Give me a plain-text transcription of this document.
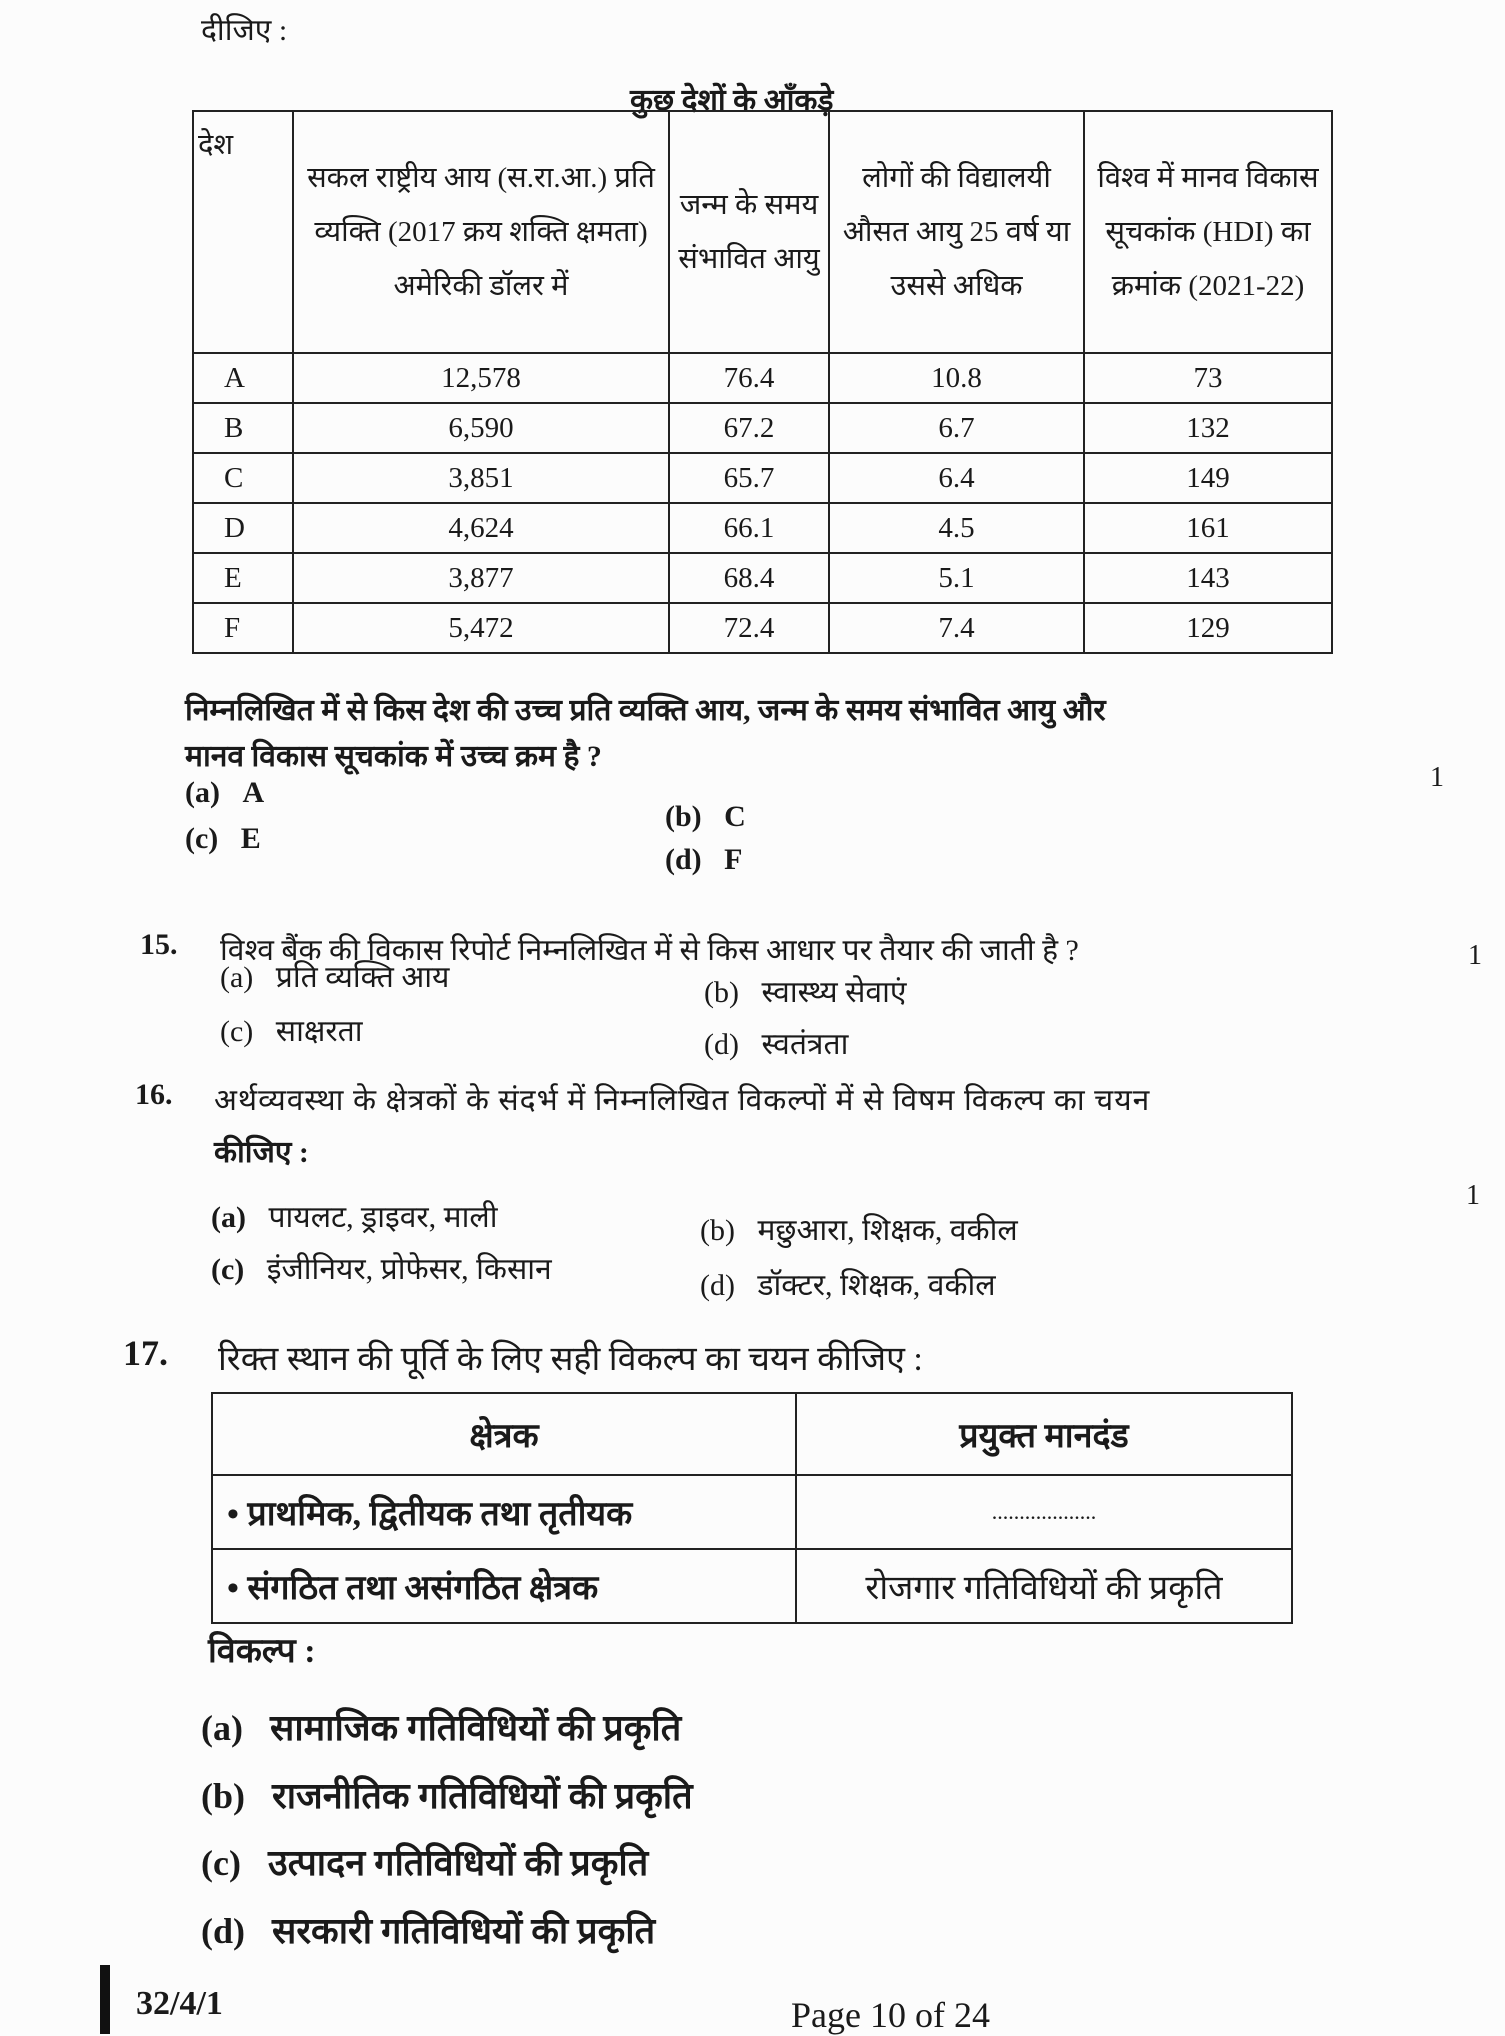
दीजिए :
कुछ देशों के आँकड़े
देश	सकल राष्ट्रीय आय (स.रा.आ.) प्रति व्यक्ति (2017 क्रय शक्ति क्षमता) अमेरिकी डॉलर में	जन्म के समय संभावित आयु	लोगों की विद्यालयी औसत आयु 25 वर्ष या उससे अधिक	विश्व में मानव विकास सूचकांक (HDI) का क्रमांक (2021-22)
A	12,578	76.4	10.8	73
B	6,590	67.2	6.7	132
C	3,851	65.7	6.4	149
D	4,624	66.1	4.5	161
E	3,877	68.4	5.1	143
F	5,472	72.4	7.4	129
निम्नलिखित में से किस देश की उच्च प्रति व्यक्ति आय, जन्म के समय संभावित आयु और
मानव विकास सूचकांक में उच्च क्रम है ?
1
(a) A
(b) C
(c) E
(d) F
15. विश्व बैंक की विकास रिपोर्ट निम्नलिखित में से किस आधार पर तैयार की जाती है ?	1
(a) प्रति व्यक्ति आय	(b) स्वास्थ्य सेवाएं
(c) साक्षरता	(d) स्वतंत्रता
16. अर्थव्यवस्था के क्षेत्रकों के संदर्भ में निम्नलिखित विकल्पों में से विषम विकल्प का चयन
कीजिए :
1
(a) पायलट, ड्राइवर, माली	(b) मछुआरा, शिक्षक, वकील
(c) इंजीनियर, प्रोफेसर, किसान	(d) डॉक्टर, शिक्षक, वकील
17. रिक्त स्थान की पूर्ति के लिए सही विकल्प का चयन कीजिए :
क्षेत्रक	प्रयुक्त मानदंड
• प्राथमिक, द्वितीयक तथा तृतीयक	...................
• संगठित तथा असंगठित क्षेत्रक	रोजगार गतिविधियों की प्रकृति
विकल्प :
(a) सामाजिक गतिविधियों की प्रकृति
(b) राजनीतिक गतिविधियों की प्रकृति
(c) उत्पादन गतिविधियों की प्रकृति
(d) सरकारी गतिविधियों की प्रकृति
32/4/1	Page 10 of 24
